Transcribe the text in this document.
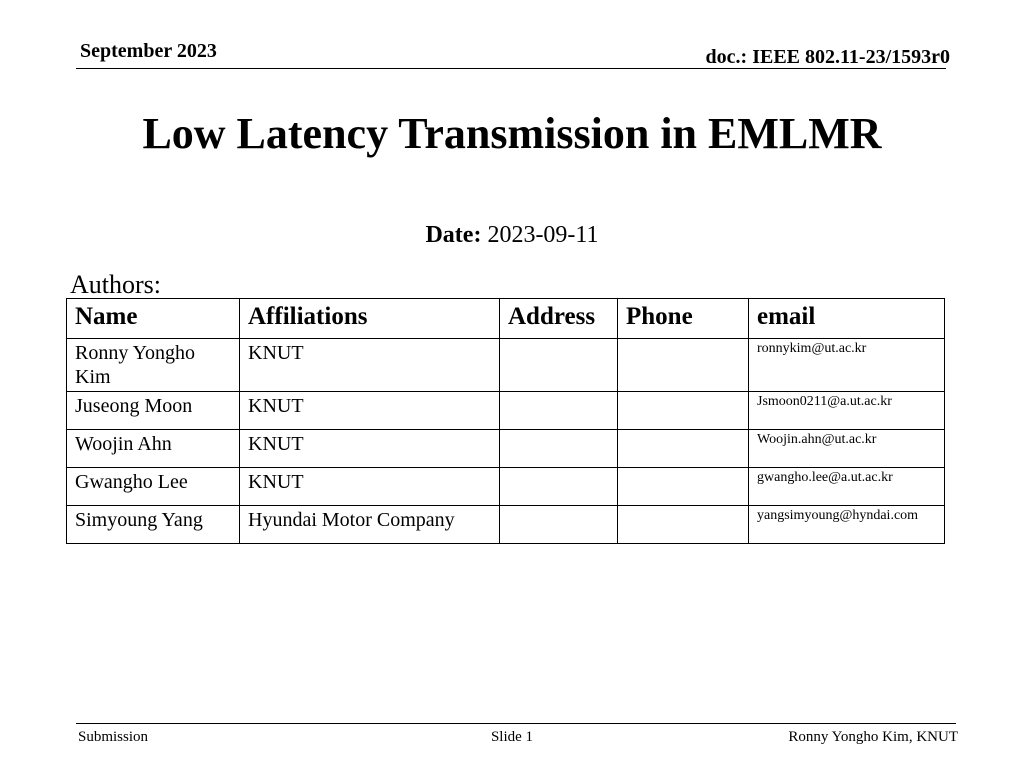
September 2023	doc.: IEEE 802.11-23/1593r0
Low Latency Transmission in EMLMR
Date: 2023-09-11
Authors:
Name	Affiliations	Address	Phone	email
Ronny Yongho Kim	KNUT			ronnykim@ut.ac.kr
Juseong Moon	KNUT			Jsmoon0211@a.ut.ac.kr
Woojin Ahn	KNUT			Woojin.ahn@ut.ac.kr
Gwangho Lee	KNUT			gwangho.lee@a.ut.ac.kr
Simyoung Yang	Hyundai Motor Company			yangsimyoung@hyndai.com
Submission	Slide 1	Ronny Yongho Kim, KNUT
